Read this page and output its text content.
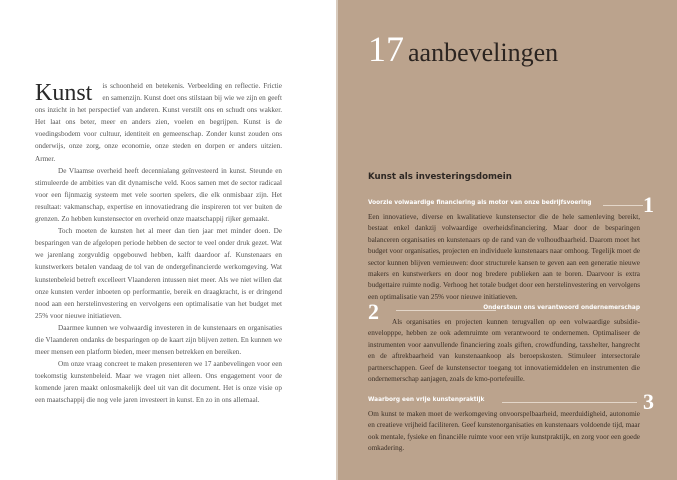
Kunst is schoonheid en betekenis. Verbeelding en reflectie. Frictie en samenzijn. Kunst doet ons stilstaan bij wie we zijn en geeft ons inzicht in het perspectief van anderen. Kunst verstilt ons en schudt ons wakker. Het laat ons beter, meer en anders zien, voelen en begrijpen. Kunst is de voedingsbodem voor cultuur, identiteit en gemeenschap. Zonder kunst zouden ons onderwijs, onze zorg, onze economie, onze steden en dorpen er anders uitzien. Armer.

De Vlaamse overheid heeft decennialang geïnvesteerd in kunst. Steunde en stimuleerde de ambities van dit dynamische veld. Koos samen met de sector radicaal voor een fijnmazig systeem met vele soorten spelers, die elk onmisbaar zijn. Het resultaat: vakmanschap, expertise en innovatiedrang die inspireren tot ver buiten de grenzen. Zo hebben kunstensector en overheid onze maatschappij rijker gemaakt.

Toch moeten de kunsten het al meer dan tien jaar met minder doen. De besparingen van de afgelopen periode hebben de sector te veel onder druk gezet. Wat we jarenlang zorgvuldig opgebouwd hebben, kalft daardoor af. Kunstenaars en kunstwerkers betalen vandaag de tol van de ondergefinancierde werkomgeving. Wat kunstenbeleid betreft excelleert Vlaanderen intussen niet meer. Als we niet willen dat onze kunsten verder inboeten op performantie, bereik en draagkracht, is er dringend nood aan een herstelinvestering en vervolgens een optimalisatie van het budget met 25% voor nieuwe initiatieven.

Daarmee kunnen we volwaardig investeren in de kunstenaars en organisaties die Vlaanderen ondanks de besparingen op de kaart zijn blijven zetten. En kunnen we meer mensen een platform bieden, meer mensen betrekken en bereiken.

Om onze vraag concreet te maken presenteren we 17 aanbevelingen voor een toekomstig kunstenbeleid. Maar we vragen niet alleen. Ons engagement voor de komende jaren maakt onlosmakelijk deel uit van dit document. Het is onze visie op een maatschappij die nog vele jaren investeert in kunst. En zo in ons allemaal.

17 aanbevelingen
Kunst als investeringsdomein
Voorzie volwaardige financiering als motor van onze bedrijfsvoering 1
Een innovatieve, diverse en kwalitatieve kunstensector die de hele samenleving bereikt, bestaat enkel dankzij volwaardige overheidsfinanciering. Maar door de besparingen balanceren organisaties en kunstenaars op de rand van de volhoudbaarheid. Daarom moet het budget voor organisaties, projecten en individuele kunstenaars naar omhoog. Tegelijk moet de sector kunnen blijven vernieuwen: door structurele kansen te geven aan een generatie nieuwe makers en kunstwerkers en door nog bredere publieken aan te boren. Daarvoor is extra budgettaire ruimte nodig. Verhoog het totale budget door een herstelinvestering en vervolgens een optimalisatie van 25% voor nieuwe initiatieven.
2	Ondersteun ons verantwoord ondernemerschap

Als organisaties en projecten kunnen terugvallen op een volwaardige subsidie-envelopppe, hebben ze ook ademruimte om verantwoord te ondernemen. Optimaliseer de instrumenten voor aanvullende financiering zoals giften, crowdfunding, taxshelter, hangrecht en de aftrekbaarheid van kunstenaankoop als beroepskosten. Stimuleer intersectorale partnerschappen. Geef de kunstensector toegang tot innovatiemiddelen en instrumenten die ondernemerschap aanjagen, zoals de kmo-portefeuille.

Waarborg een vrije kunstenpraktijk	3
Om kunst te maken moet de werkomgeving onvoorspelbaarheid, meerduidigheid, autonomie en creatieve vrijheid faciliteren. Geef kunstenorganisaties en kunstenaars voldoende tijd, maar ook mentale, fysieke en financiële ruimte voor een vrije kunstpraktijk, en zorg voor een goede omkadering.
